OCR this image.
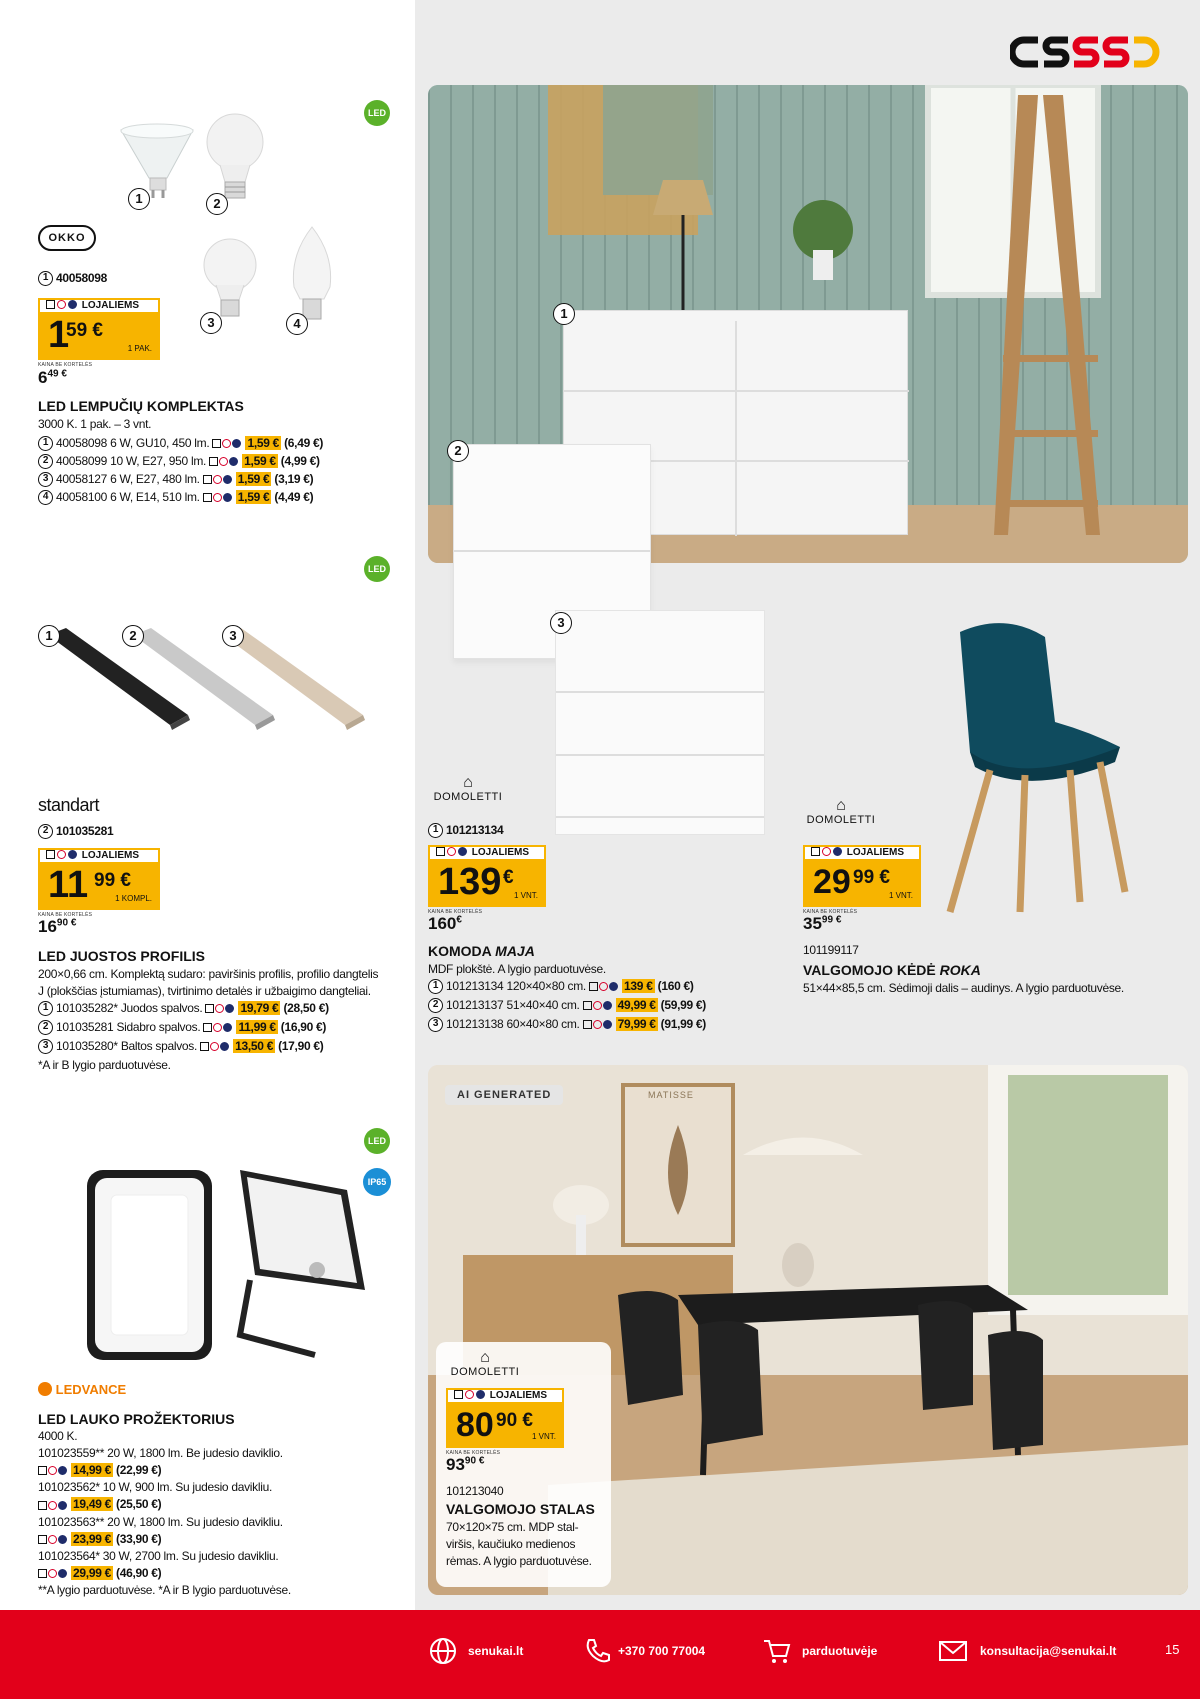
LED
1	2
3	4
OKKO
1 40058098
LOJALIEMS
1
59 €
1 PAK.
KAINA BE KORTELĖS
$6^{49 €}$
LED LEMPUČIŲ KOMPLEKTAS
3000 K. 1 pak. – 3 vnt.
1 40058098 6 W, GU10, 450 lm.	1,59 € (6,49 €)
2 40058099 10 W, E27, 950 lm.	1,59 € (4,99 €)
3 40058127 6 W, E27, 480 lm.	1,59 € (3,19 €)
4 40058100 6 W, E14, 510 lm.	1,59 € (4,49 €)
LED
1	2	3
standart
2 101035281
LOJALIEMS
11 99 €
1 KOMPL.
KAINA BE KORTELĖS
$16^{90 €}$
LED JUOSTOS PROFILIS
200×0,66 cm. Komplektą sudaro: paviršinis profilis, profilio dangtelis
J (plokščias įstumiamas), tvirtinimo detalės ir užbaigimo dangteliai.
1 101035282* Juodos spalvos.	19,79 € (28,50 €)
2 101035281 Sidabro spalvos.	11,99 € (16,90 €)
3 101035280* Baltos spalvos.	13,50 € (17,90 €)
*A ir B lygio parduotuvėse.
LED
IP65
LEDVANCE
LED LAUKO PROŽEKTORIUS
4000 K.
101023559** 20 W, 1800 lm. Be judesio daviklio.
14,99 € (22,99 €)
101023562* 10 W, 900 lm. Su judesio davikliu.
19,49 € (25,50 €)
101023563** 20 W, 1800 lm. Su judesio davikliu.
23,99 € (33,90 €)
101023564* 30 W, 2700 lm. Su judesio davikliu.
29,99 € (46,90 €)
**A lygio parduotuvėse. *A ir B lygio parduotuvėse.
1
2
3
⌂
DOMOLETTI
1 101213134
LOJALIEMS
139 €
1 VNT.
KAINA BE KORTELĖS
160€
KOMODA MAJA
MDF plokštė. A lygio parduotuvėse.
1 101213134 120×40×80 cm.	139 € (160 €)
2 101213137 51×40×40 cm.	49,99 € (59,99 €)
3 101213138 60×40×80 cm.	79,99 € (91,99 €)
⌂
DOMOLETTI
LOJALIEMS
29 99 €
1 VNT.
KAINA BE KORTELĖS
$35^{99 €}$
101199117
VALGOMOJO KĖDĖ ROKA
51×44×85,5 cm. Sėdimoji dalis – audinys. A lygio parduotuvėse.
AI GENERATED	MATISSE
⌂
DOMOLETTI
LOJALIEMS
80 90 €
1 VNT.
KAINA BE KORTELĖS
$93^{90 €}$
101213040
VALGOMOJO STALAS
70×120×75 cm. MDP stal-
viršis, kaučiuko medienos
rėmas. A lygio parduotuvėse.
senukai.lt	+370 700 77004	parduotuvėje	konsultacija@senukai.lt	15
